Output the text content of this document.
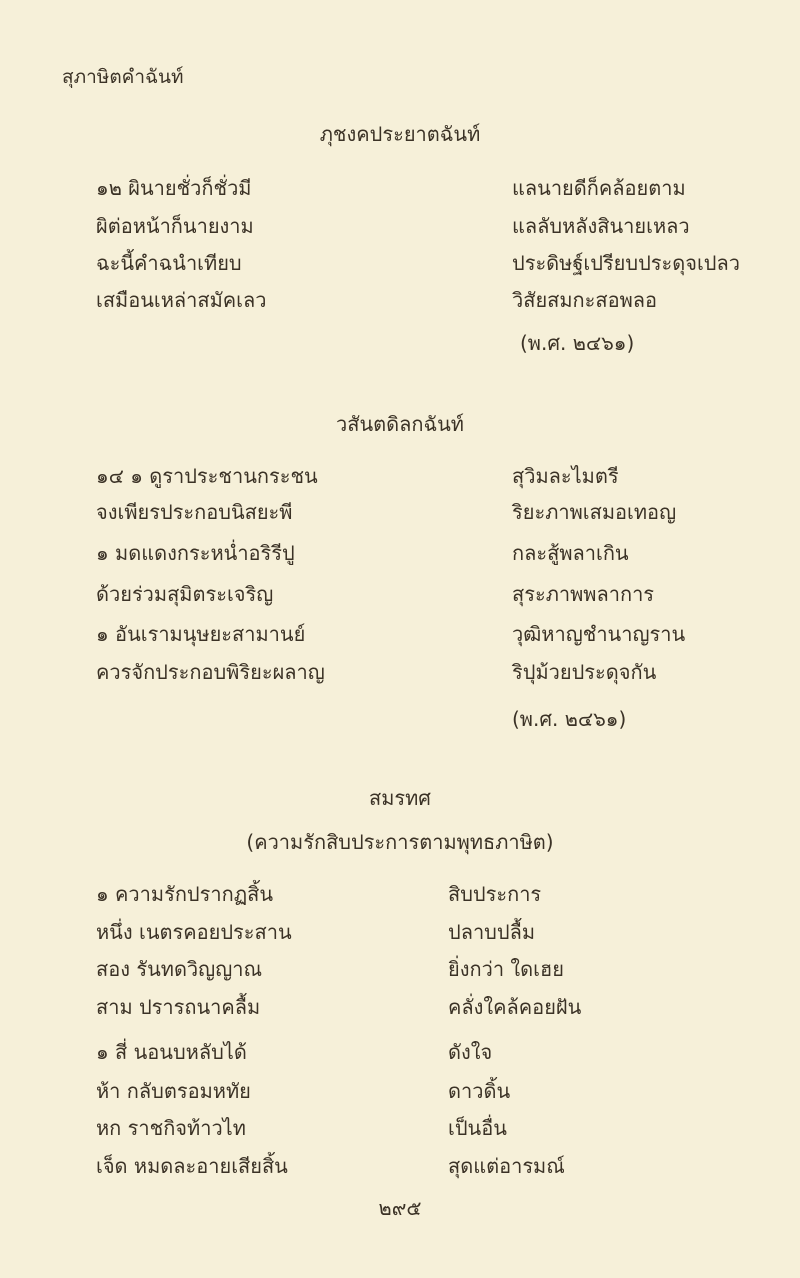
สุภาษิตคำฉันท์
ภุชงคประยาตฉันท์
๑๒ ผินายชั่วก็ชั่วมี	แลนายดีก็คล้อยตาม
ผิต่อหน้าก็นายงาม	แลลับหลังสินายเหลว
ฉะนี้คำฉนำเทียบ	ประดิษฐ์เปรียบประดุจเปลว
เสมือนเหล่าสมัคเลว	วิสัยสมกะสอพลอ
(พ.ศ. ๒๔๖๑)
วสันตดิลกฉันท์
๑๔ ๑ ดูราประชานกระชน	สุวิมละไมตรี
จงเพียรประกอบนิสยะพี	ริยะภาพเสมอเทอญ
๑ มดแดงกระหน่ำอริรีปู	กละสู้พลาเกิน
ด้วยร่วมสุมิตระเจริญ	สุระภาพพลาการ
๑ อันเรามนุษยะสามานย์	วุฒิหาญชำนาญราน
ควรจักประกอบพิริยะผลาญ	ริปุม้วยประดุจกัน
(พ.ศ. ๒๔๖๑)
สมรทศ
(ความรักสิบประการตามพุทธภาษิต)
๑ ความรักปรากฏสิ้น	สิบประการ
หนึ่ง เนตรคอยประสาน	ปลาบปลื้ม
สอง รันทดวิญญาณ	ยิ่งกว่า ใดเฮย
สาม ปรารถนาคลื้ม	คลั่งใคล้คอยฝัน
๑ สี่ นอนบหลับได้	ดังใจ
ห้า กลับตรอมหทัย	ดาวดิ้น
หก ราชกิจท้าวไท	เป็นอื่น
เจ็ด หมดละอายเสียสิ้น	สุดแต่อารมณ์
๒๙๕
